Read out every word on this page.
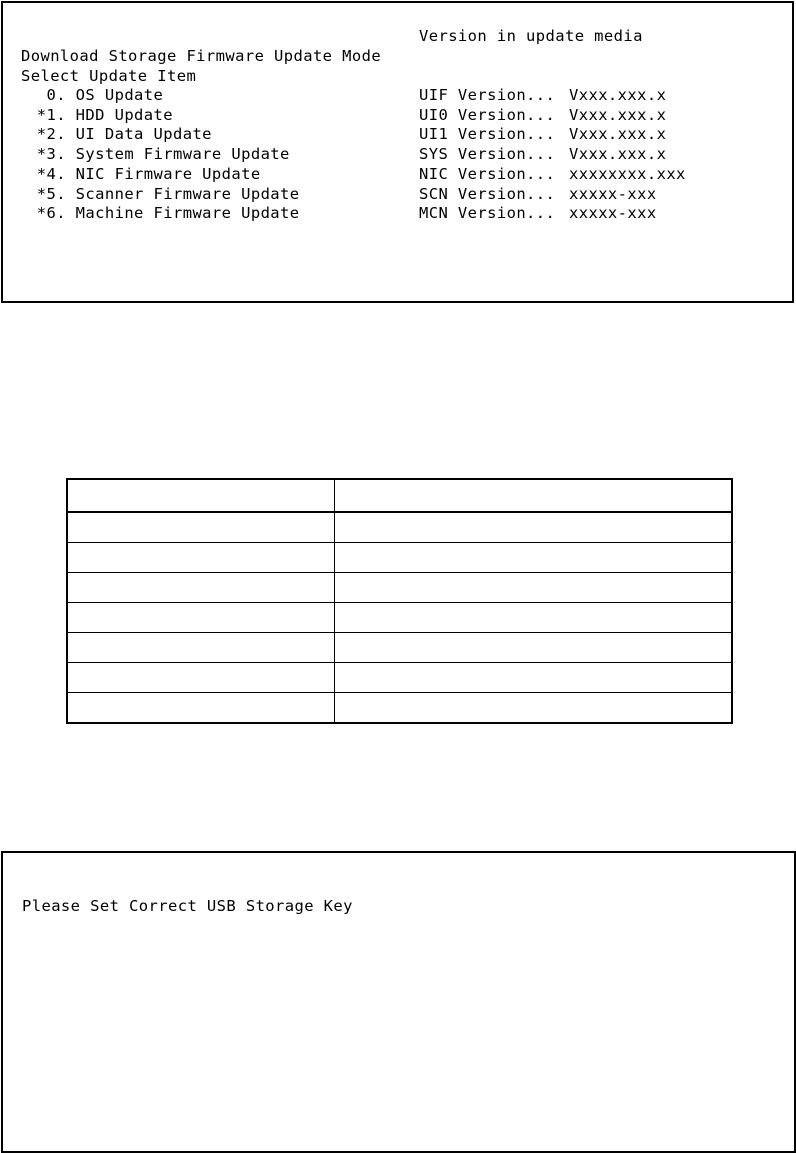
Version in update media
Download Storage Firmware Update Mode
Select Update Item
0. OS Update	UIF Version... Vxxx.xxx.x
*1. HDD Update	UI0 Version... Vxxx.xxx.x
*2. UI Data Update	UI1 Version... Vxxx.xxx.x
*3. System Firmware Update	SYS Version... Vxxx.xxx.x
*4. NIC Firmware Update	NIC Version... xxxxxxxx.xxx
*5. Scanner Firmware Update	SCN Version... xxxxx-xxx
*6. Machine Firmware Update	MCN Version... xxxxx-xxx

Please Set Correct USB Storage Key
